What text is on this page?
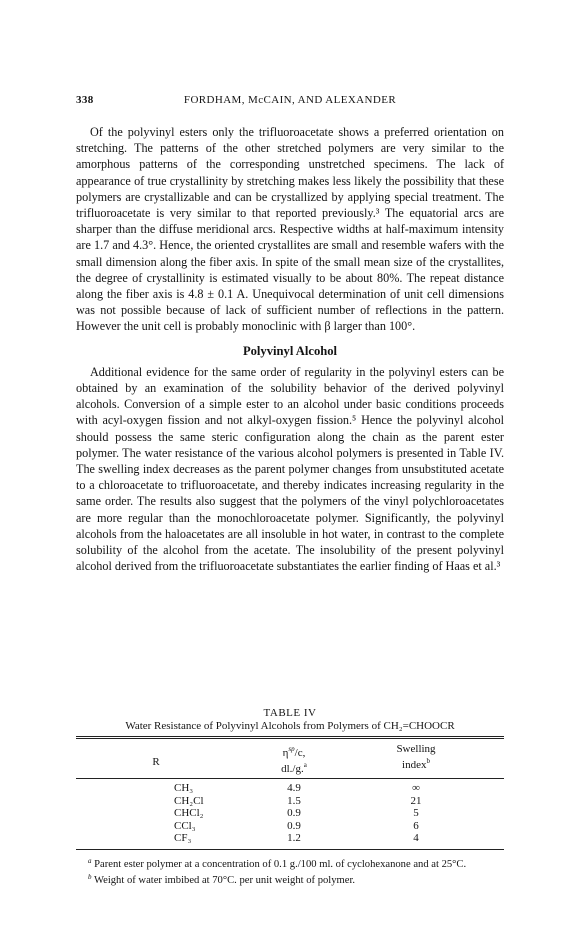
338	FORDHAM, McCAIN, AND ALEXANDER

Of the polyvinyl esters only the trifluoroacetate shows a preferred orientation on stretching. The patterns of the other stretched polymers are very similar to the amorphous patterns of the corresponding unstretched specimens. The lack of appearance of true crystallinity by stretching makes less likely the possibility that these polymers are crystallizable and can be crystallized by applying special treatment. The trifluoroacetate is very similar to that reported previously.³ The equatorial arcs are sharper than the diffuse meridional arcs. Respective widths at half-maximum intensity are 1.7 and 4.3°. Hence, the oriented crystallites are small and resemble wafers with the small dimension along the fiber axis. In spite of the small mean size of the crystallites, the degree of crystallinity is estimated visually to be about 80%. The repeat distance along the fiber axis is 4.8 ± 0.1 A. Unequivocal determination of unit cell dimensions was not possible because of lack of sufficient number of reflections in the pattern. However the unit cell is probably monoclinic with β larger than 100°.

Polyvinyl Alcohol

Additional evidence for the same order of regularity in the polyvinyl esters can be obtained by an examination of the solubility behavior of the derived polyvinyl alcohols. Conversion of a simple ester to an alcohol under basic conditions proceeds with acyl-oxygen fission and not alkyl-oxygen fission.⁵ Hence the polyvinyl alcohol should possess the same steric configuration along the chain as the parent ester polymer. The water resistance of the various alcohol polymers is presented in Table IV. The swelling index decreases as the parent polymer changes from unsubstituted acetate to a chloroacetate to trifluoroacetate, and thereby indicates increasing regularity in the same order. The results also suggest that the polymers of the vinyl polychloroacetates are more regular than the monochloroacetate polymer. Significantly, the polyvinyl alcohols from the haloacetates are all insoluble in hot water, in contrast to the complete solubility of the alcohol from the acetate. The insolubility of the present polyvinyl alcohol derived from the trifluoroacetate substantiates the earlier finding of Haas et al.³

TABLE IV
Water Resistance of Polyvinyl Alcohols from Polymers of CH₂=CHOOCR
R
$\eta^{sp}/c$,
dl./g.$^a$
Swelling
index$^b$
CH₃	4.9	∞
CH₂Cl	1.5	21
CHCl₂	0.9	5
CCl₃	0.9	6
CF₃	1.2	4

$^a$ Parent ester polymer at a concentration of 0.1 g./100 ml. of cyclohexanone and at 25°C.

$^b$ Weight of water imbibed at 70°C. per unit weight of polymer.
